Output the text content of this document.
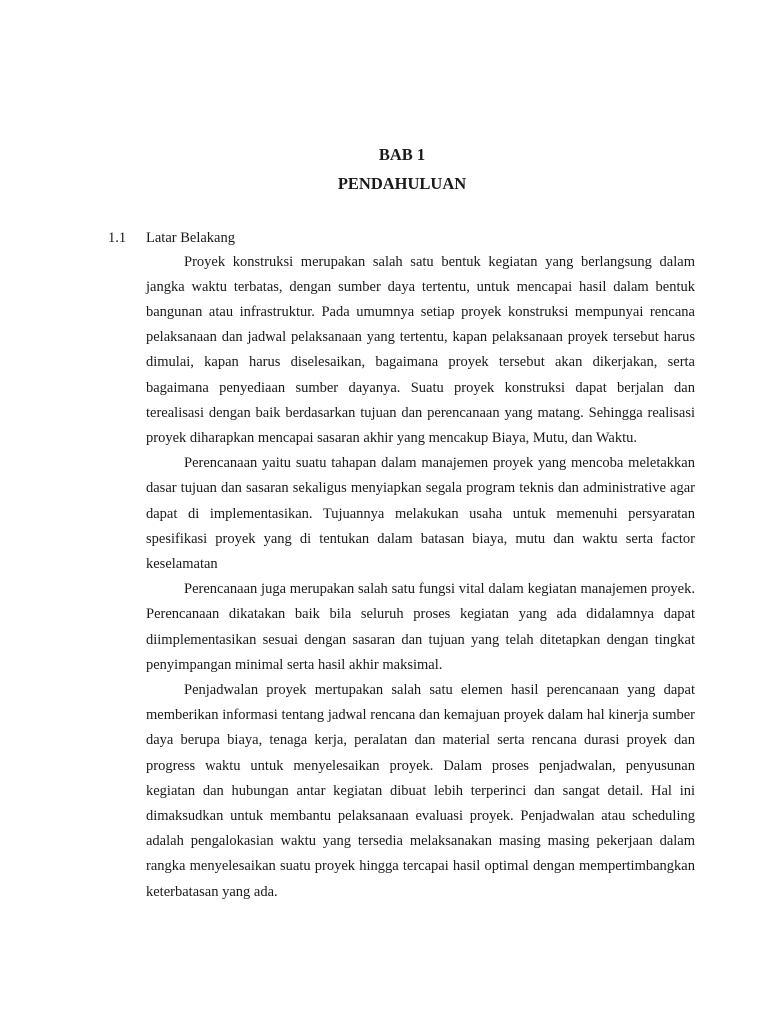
BAB 1
PENDAHULUAN
1.1 Latar Belakang

Proyek konstruksi merupakan salah satu bentuk kegiatan yang berlangsung dalam jangka waktu terbatas, dengan sumber daya tertentu, untuk mencapai hasil dalam bentuk bangunan atau infrastruktur. Pada umumnya setiap proyek konstruksi mempunyai rencana pelaksanaan dan jadwal pelaksanaan yang tertentu, kapan pelaksanaan proyek tersebut harus dimulai, kapan harus diselesaikan, bagaimana proyek tersebut akan dikerjakan, serta bagaimana penyediaan sumber dayanya. Suatu proyek konstruksi dapat berjalan dan terealisasi dengan baik berdasarkan tujuan dan perencanaan yang matang. Sehingga realisasi proyek diharapkan mencapai sasaran akhir yang mencakup Biaya, Mutu, dan Waktu.

Perencanaan yaitu suatu tahapan dalam manajemen proyek yang mencoba meletakkan dasar tujuan dan sasaran sekaligus menyiapkan segala program teknis dan administrative agar dapat di implementasikan. Tujuannya melakukan usaha untuk memenuhi persyaratan spesifikasi proyek yang di tentukan dalam batasan biaya, mutu dan waktu serta factor keselamatan

Perencanaan juga merupakan salah satu fungsi vital dalam kegiatan manajemen proyek. Perencanaan dikatakan baik bila seluruh proses kegiatan yang ada didalamnya dapat diimplementasikan sesuai dengan sasaran dan tujuan yang telah ditetapkan dengan tingkat penyimpangan minimal serta hasil akhir maksimal.

Penjadwalan proyek mertupakan salah satu elemen hasil perencanaan yang dapat memberikan informasi tentang jadwal rencana dan kemajuan proyek dalam hal kinerja sumber daya berupa biaya, tenaga kerja, peralatan dan material serta rencana durasi proyek dan progress waktu untuk menyelesaikan proyek. Dalam proses penjadwalan, penyusunan kegiatan dan hubungan antar kegiatan dibuat lebih terperinci dan sangat detail. Hal ini dimaksudkan untuk membantu pelaksanaan evaluasi proyek. Penjadwalan atau scheduling adalah pengalokasian waktu yang tersedia melaksanakan masing masing pekerjaan dalam rangka menyelesaikan suatu proyek hingga tercapai hasil optimal dengan mempertimbangkan keterbatasan yang ada.
